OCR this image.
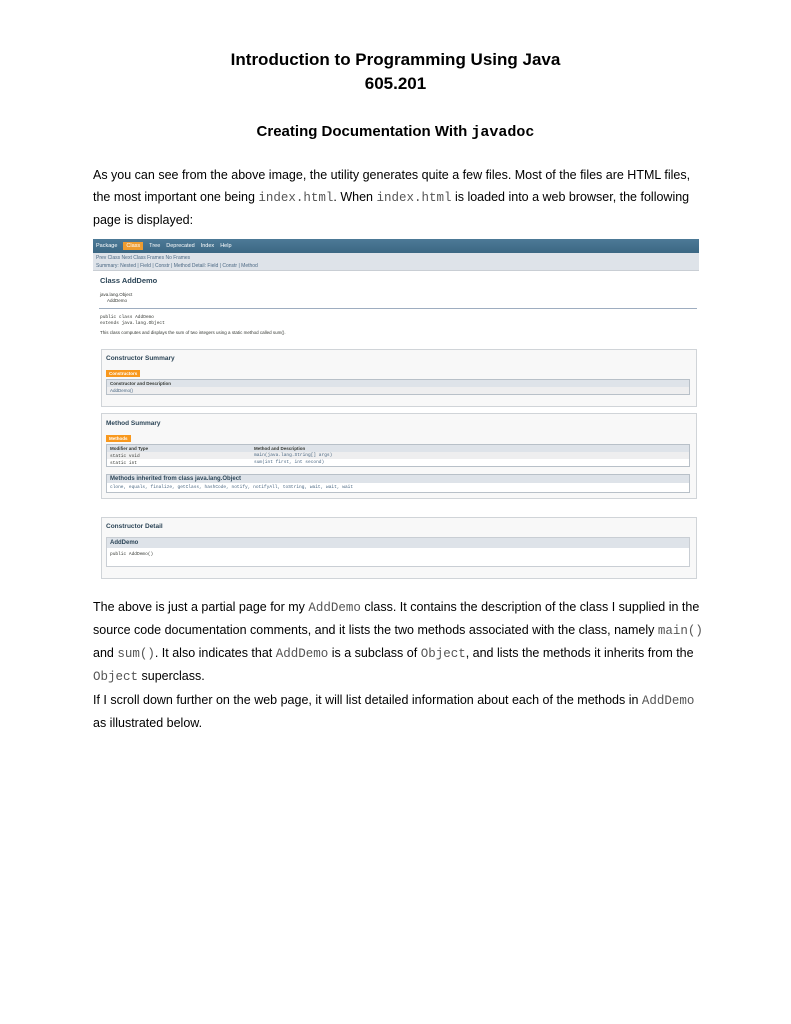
Introduction to Programming Using Java
605.201
Creating Documentation With javadoc
As you can see from the above image, the utility generates quite a few files. Most of the files are HTML files, the most important one being index.html. When index.html is loaded into a web browser, the following page is displayed:
Package	Class	Tree Deprecated Index Help
Prev Class Next Class Frames No Frames
Summary: Nested | Field | Constr | Method Detail: Field | Constr | Method
Class AddDemo
java.lang.Object
AddDemo
public class AddDemo
extends java.lang.Object
This class computes and displays the sum of two integers using a static method called sum().
Constructor Summary
Constructors
Constructor and Description
AddDemo()
Method Summary
Methods
Modifier and Type	Method and Description
static void	main(java.lang.String[] args)
static int	sum(int first, int second)
Methods inherited from class java.lang.Object
clone, equals, finalize, getClass, hashCode, notify, notifyAll, toString, wait, wait, wait
Constructor Detail
AddDemo
public AddDemo()
The above is just a partial page for my AddDemo class. It contains the description of the class I supplied in the source code documentation comments, and it lists the two methods associated with the class, namely main() and sum(). It also indicates that AddDemo is a subclass of Object, and lists the methods it inherits from the Object superclass.
If I scroll down further on the web page, it will list detailed information about each of the methods in AddDemo as illustrated below.
